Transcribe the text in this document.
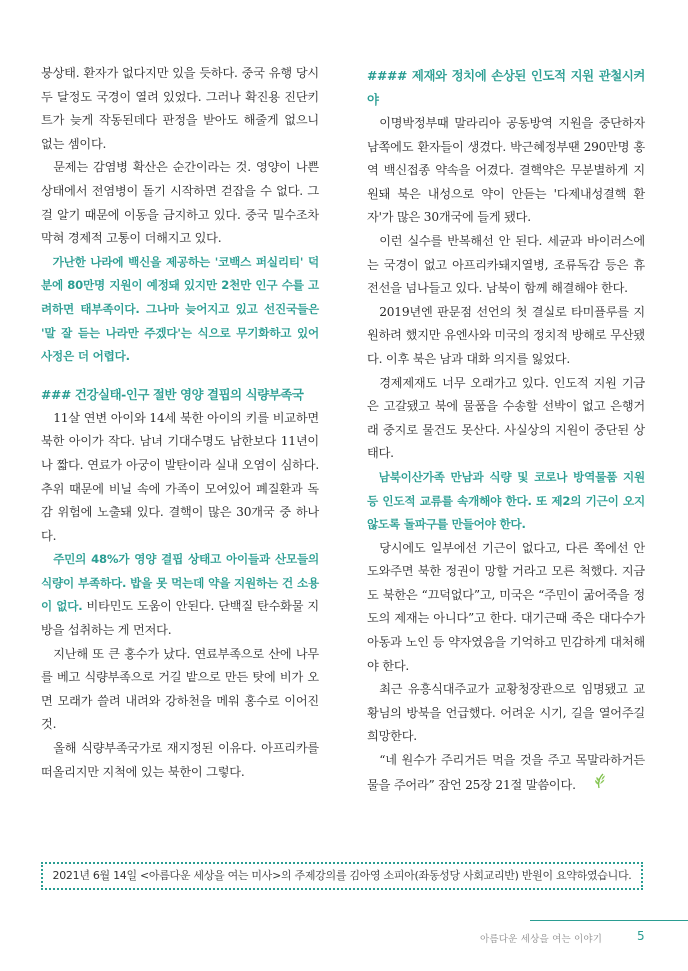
붕상태. 환자가 없다지만 있을 듯하다. 중국 유행 당시 두 달정도 국경이 열려 있었다. 그러나 확진용 진단키트가 늦게 작동된데다 판정을 받아도 해줄게 없으니 없는 셈이다.

문제는 감염병 확산은 순간이라는 것. 영양이 나쁜 상태에서 전염병이 돌기 시작하면 걷잡을 수 없다. 그걸 알기 때문에 이동을 금지하고 있다. 중국 밀수조차 막혀 경제적 고통이 더해지고 있다.

가난한 나라에 백신을 제공하는 '코백스 퍼실리티' 덕분에 80만명 지원이 예정돼 있지만 2천만 인구 수를 고려하면 태부족이다. 그나마 늦어지고 있고 선진국들은 '말 잘 듣는 나라만 주겠다'는 식으로 무기화하고 있어 사정은 더 어렵다.

### 건강실태-인구 절반 영양 결핍의 식량부족국

11살 연변 아이와 14세 북한 아이의 키를 비교하면 북한 아이가 작다. 남녀 기대수명도 남한보다 11년이나 짧다. 연료가 아궁이 발탄이라 실내 오염이 심하다. 추위 때문에 비닐 속에 가족이 모여있어 폐질환과 독감 위험에 노출돼 있다. 결핵이 많은 30개국 중 하나다.

주민의 48%가 영양 결핍 상태고 아이들과 산모들의 식량이 부족하다. 밥을 못 먹는데 약을 지원하는 건 소용이 없다. 비타민도 도움이 안된다. 단백질 탄수화물 지방을 섭취하는 게 먼저다.

지난해 또 큰 홍수가 났다. 연료부족으로 산에 나무를 베고 식량부족으로 거길 밭으로 만든 탓에 비가 오면 모래가 쓸려 내려와 강하천을 메워 홍수로 이어진 것.

올해 식량부족국가로 재지정된 이유다. 아프리카를 떠올리지만 지척에 있는 북한이 그렇다.

#### 제재와 정치에 손상된 인도적 지원 관철시켜야

이명박정부때 말라리아 공동방역 지원을 중단하자 남쪽에도 환자들이 생겼다. 박근혜정부땐 290만명 홍역 백신접종 약속을 어겼다. 결핵약은 무분별하게 지원돼 북은 내성으로 약이 안듣는 '다제내성결핵 환자'가 많은 30개국에 들게 됐다.

이런 실수를 반복해선 안 된다. 세균과 바이러스에는 국경이 없고 아프리카돼지열병, 조류독감 등은 휴전선을 넘나들고 있다. 남북이 함께 해결해야 한다.

2019년엔 판문점 선언의 첫 결실로 타미플루를 지원하려 했지만 유엔사와 미국의 정치적 방해로 무산됐다. 이후 북은 남과 대화 의지를 잃었다.

경제제재도 너무 오래가고 있다. 인도적 지원 기금은 고갈됐고 북에 물품을 수송할 선박이 없고 은행거래 중지로 물건도 못산다. 사실상의 지원이 중단된 상태다.

남북이산가족 만남과 식량 및 코로나 방역물품 지원 등 인도적 교류를 속개해야 한다. 또 제2의 기근이 오지 않도록 돌파구를 만들어야 한다.

당시에도 일부에선 기근이 없다고, 다른 쪽에선 안도와주면 북한 정권이 망할 거라고 모른 척했다. 지금도 북한은 “끄덕없다”고, 미국은 “주민이 굶어죽을 정도의 제재는 아니다”고 한다. 대기근때 죽은 대다수가 아동과 노인 등 약자였음을 기억하고 민감하게 대처해야 한다.

최근 유흥식대주교가 교황청장관으로 임명됐고 교황님의 방북을 언급했다. 어려운 시기, 길을 열어주길 희망한다.

“네 원수가 주리거든 먹을 것을 주고 목말라하거든 물을 주어라” 잠언 25장 21절 말씀이다.

2021년 6월 14일 <아름다운 세상을 여는 미사>의 주제강의를 김아영 소피아(좌동성당 사회교리반) 반원이 요약하였습니다.
아름다운 세상을 여는 이야기	5
